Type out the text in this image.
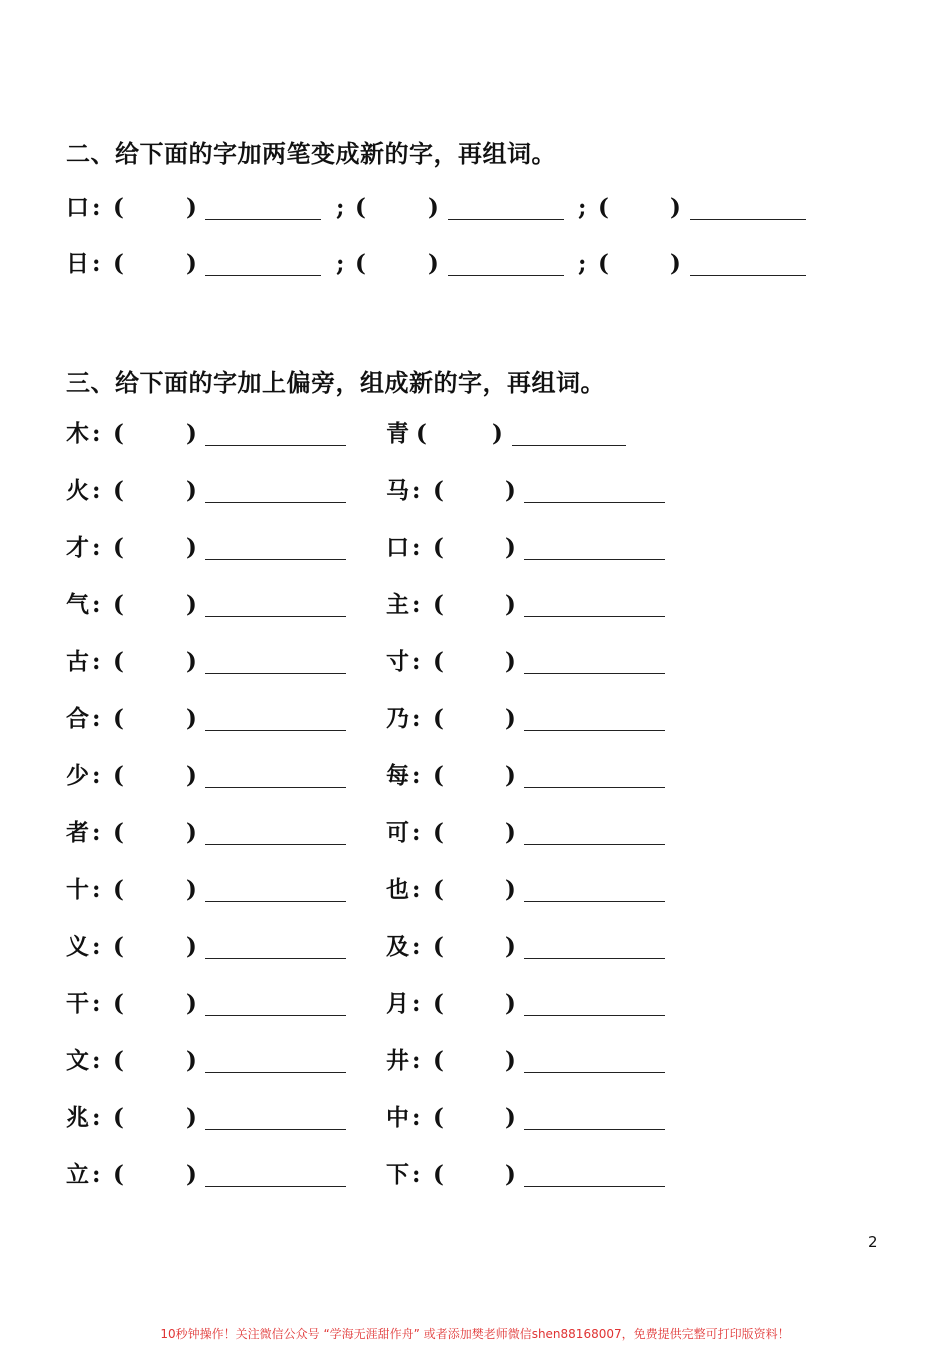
二、给下面的字加两笔变成新的字，再组词。
口 : (	)	; (	)	; (	)
日 : (	)	; (	)	; (	)
三、给下面的字加上偏旁，组成新的字，再组词。
木 : (	)	青 (	)
火 : (	)	马 : (	)
才 : (	)	口 : (	)
气 : (	)	主 : (	)
古 : (	)	寸 : (	)
合 : (	)	乃 : (	)
少 : (	)	每 : (	)
者 : (	)	可 : (	)
十 : (	)	也 : (	)
义 : (	)	及 : (	)
干 : (	)	月 : (	)
文 : (	)	井 : (	)
兆 : (	)	中 : (	)
立 : (	)	下 : (	)
2
10秒钟操作！关注微信公众号 “学海无涯甜作舟” 或者添加樊老师微信shen88168007，免费提供完整可打印版资料！
